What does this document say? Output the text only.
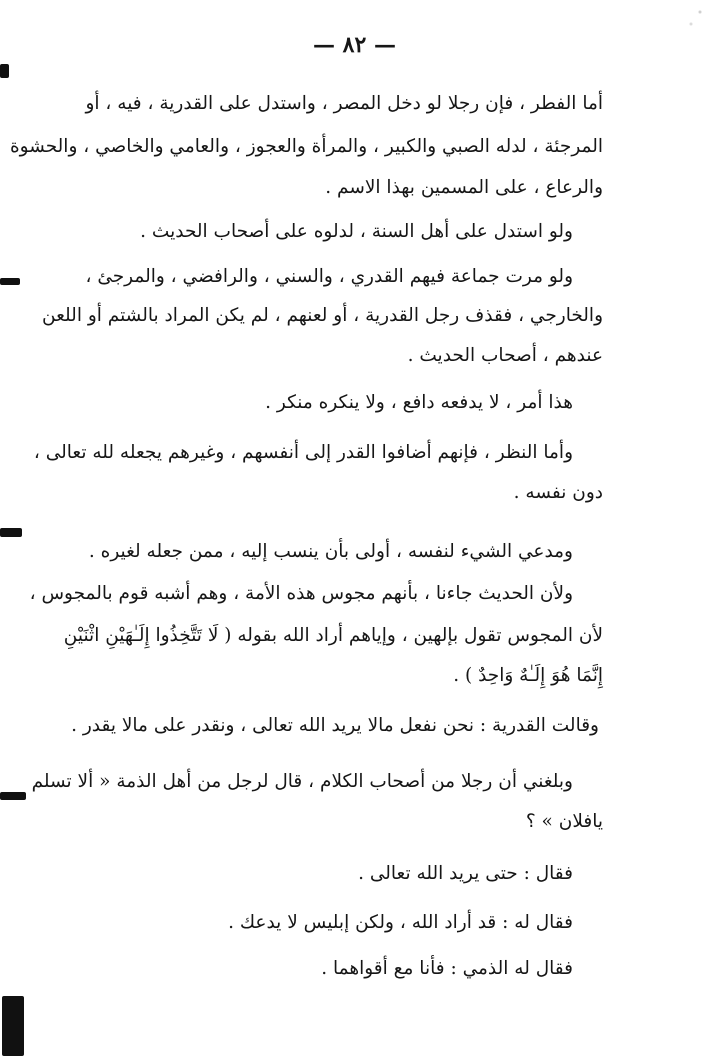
— ٨٢ —
أما الفطر ، فإن رجلا لو دخل المصر ، واستدل على القدرية ، فيه ، أو
المرجئة ، لدله الصبي والكبير ، والمرأة والعجوز ، والعامي والخاصي ، والحشوة
والرعاع ، على المسمين بهذا الاسم .
ولو استدل على أهل السنة ، لدلوه على أصحاب الحديث .
ولو مرت جماعة فيهم القدري ، والسني ، والرافضي ، والمرجئ ،
والخارجي ، فقذف رجل القدرية ، أو لعنهم ، لم يكن المراد بالشتم أو اللعن
عندهم ، أصحاب الحديث .
هذا أمر ، لا يدفعه دافع ، ولا ينكره منكر .
وأما النظر ، فإنهم أضافوا القدر إلى أنفسهم ، وغيرهم يجعله لله تعالى ،
دون نفسه .
ومدعي الشيء لنفسه ، أولى بأن ينسب إليه ، ممن جعله لغيره .
ولأن الحديث جاءنا ، بأنهم مجوس هذه الأمة ، وهم أشبه قوم بالمجوس ،
لأن المجوس تقول بإلهين ، وإياهم أراد الله بقوله ( لَا تَتَّخِذُوا إِلَـٰهَيْنِ اثْنَيْنِ
إِنَّمَا هُوَ إِلَـٰهٌ وَاحِدٌ ) .
وقالت القدرية : نحن نفعل مالا يريد الله تعالى ، ونقدر على مالا يقدر .
وبلغني أن رجلا من أصحاب الكلام ، قال لرجل من أهل الذمة « ألا تسلم
يافلان » ؟
فقال : حتى يريد الله تعالى .
فقال له : قد أراد الله ، ولكن إبليس لا يدعك .
فقال له الذمي : فأنا مع أقواهما .
